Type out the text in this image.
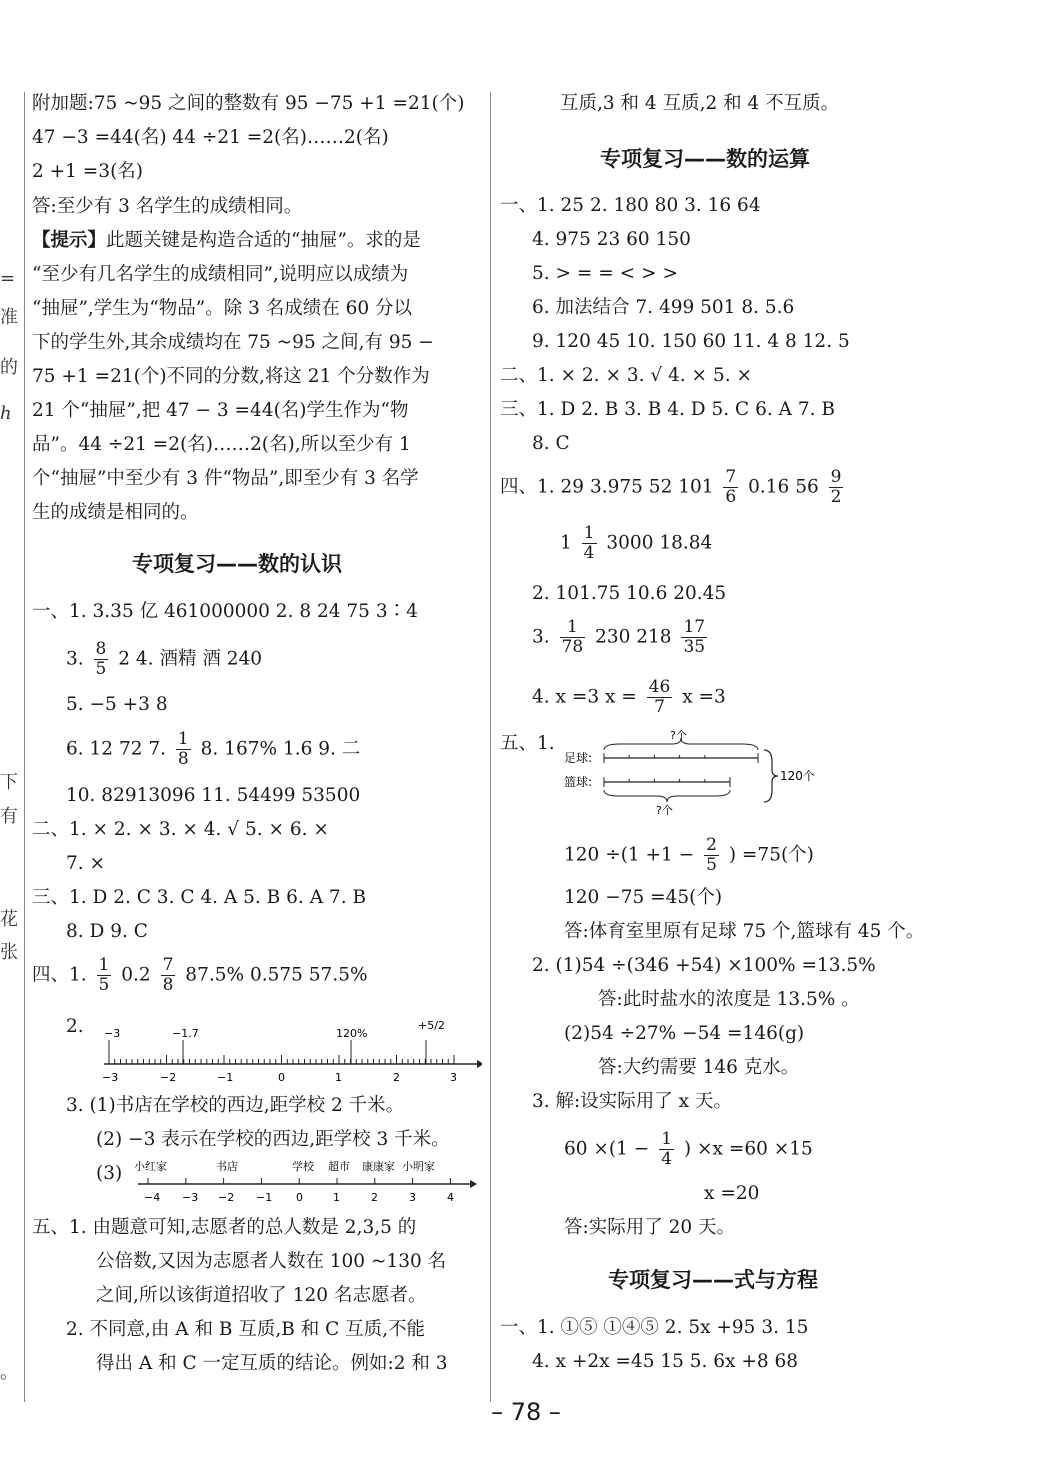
=
准
的
h
下
有
花
张
。
附加题:75 ~95 之间的整数有 95 −75 +1 =21(个)
47 −3 =44(名) 44 ÷21 =2(名)……2(名)
2 +1 =3(名)
答:至少有 3 名学生的成绩相同。
【提示】此题关键是构造合适的“抽屉”。求的是
“至少有几名学生的成绩相同”,说明应以成绩为
“抽屉”,学生为“物品”。除 3 名成绩在 60 分以
下的学生外,其余成绩均在 75 ~95 之间,有 95 −
75 +1 =21(个)不同的分数,将这 21 个分数作为
21 个“抽屉”,把 47 − 3 =44(名)学生作为“物
品”。44 ÷21 =2(名)……2(名),所以至少有 1
个“抽屉”中至少有 3 件“物品”,即至少有 3 名学
生的成绩是相同的。
专项复习——数的认识
一、1. 3.35 亿 461000000 2. 8 24 75 3∶4
3. $\frac{8}{5} 2$ 4. 酒精 酒 240
5. −5 +3 8
6. 12 72 7. $\frac{1}{8} 8$. 167% 1.6 9. 二
10. 82913096 11. 54499 53500
二、1. × 2. × 3. × 4. √ 5. × 6. ×
7. ×
三、1. D 2. C 3. C 4. A 5. B 6. A 7. B
8. D 9. C
四、1. $\frac{1}{5} 0.2 \frac{7}{8} 87.5\%$ 0.575 57.5%
2. −3	−1.7	120%
+5/2
−3	−2	−1	0	1	2	3
3. (1)书店在学校的西边,距学校 2 千米。
(2) −3 表示在学校的西边,距学校 3 千米。
(3) 小红家	书店	学校 超市 康康家 小明家
−4 −3 −2 −1 0	1	2	3	4
五、1. 由题意可知,志愿者的总人数是 2,3,5 的
公倍数,又因为志愿者人数在 100 ~130 名
之间,所以该街道招收了 120 名志愿者。
2. 不同意,由 A 和 B 互质,B 和 C 互质,不能
得出 A 和 C 一定互质的结论。例如:2 和 3
互质,3 和 4 互质,2 和 4 不互质。
专项复习——数的运算
一、1. 25 2. 180 80 3. 16 64
4. 975 23 60 150
5. > = = < > >
6. 加法结合 7. 499 501 8. 5.6
9. 120 45 10. 150 60 11. 4 8 12. 5
二、1. × 2. × 3. √ 4. × 5. ×
三、1. D 2. B 3. B 4. D 5. C 6. A 7. B
8. C
四、1. 29 3.975 52 $101 \frac{7}{6} 0.16$ $56 \frac{9}{2}$
$1 \frac{1}{4} 3000$ 18.84
2. 101.75 10.6 20.45
3. $\frac{1}{78} 230$ $218 \frac{17}{35}$
4. x =3 $x = \frac{46}{7}$ x =3
五、1.
足球:
篮球:
?个
?个
120个
$120 \div(1 +1 - \frac{2}{5}$ ) =75(个)
120 −75 =45(个)
答:体育室里原有足球 75 个,篮球有 45 个。
2. (1)54 ÷(346 +54) ×100% =13.5%
答:此时盐水的浓度是 13.5% 。
(2)54 ÷27% −54 =146(g)
答:大约需要 146 克水。
3. 解:设实际用了 x 天。
$60 \times(1 - \frac{1}{4}$ ) ×x =60 ×15
x =20
答:实际用了 20 天。
专项复习——式与方程
一、1. ①⑤ ①④⑤ 2. 5x +95 3. 15
4. x +2x =45 15 5. 6x +8 68
– 78 –
